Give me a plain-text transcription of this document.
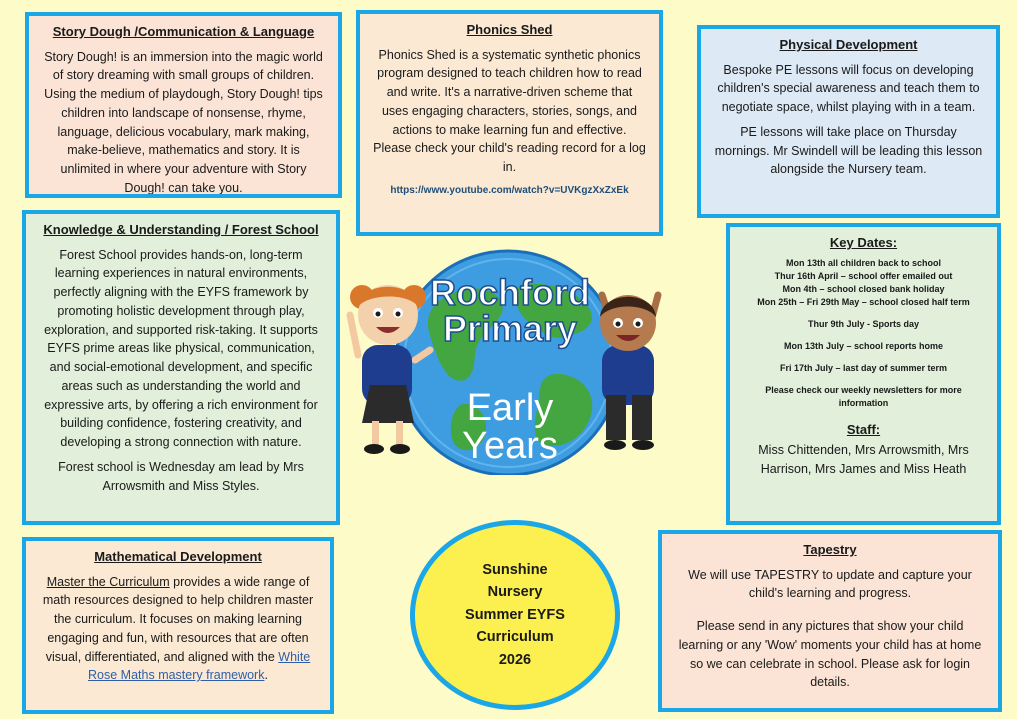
Story Dough /Communication & Language

Story Dough! is an immersion into the magic world of story dreaming with small groups of children. Using the medium of playdough, Story Dough! tips children into landscape of nonsense, rhyme, language, delicious vocabulary, mark making, make-believe, mathematics and story. It is unlimited in where your adventure with Story Dough! can take you.

Phonics Shed

Phonics Shed is a systematic synthetic phonics program designed to teach children how to read and write. It's a narrative-driven scheme that uses engaging characters, stories, songs, and actions to make learning fun and effective.

Please check your child's reading record for a log in.

https://www.youtube.com/watch?v=UVKgzXxZxEk
Physical Development

Bespoke PE lessons will focus on developing children's special awareness and teach them to negotiate space, whilst playing with in a team.

PE lessons will take place on Thursday mornings. Mr Swindell will be leading this lesson alongside the Nursery team.

Knowledge & Understanding / Forest School

Forest School provides hands-on, long-term learning experiences in natural environments, perfectly aligning with the EYFS framework by promoting holistic development through play, exploration, and supported risk-taking. It supports EYFS prime areas like physical, communication, and social-emotional development, and specific areas such as understanding the world and expressive arts, by offering a rich environment for building confidence, fostering creativity, and developing a strong connection with nature.

Forest school is Wednesday am lead by Mrs Arrowsmith and Miss Styles.

Key Dates:

Mon 13th all children back to school

Thur 16th April – school offer emailed out

Mon 4th – school closed bank holiday

Mon 25th – Fri 29th May – school closed half term

Thur 9th July - Sports day

Mon 13th July – school reports home

Fri 17th July – last day of summer term

Please check our weekly newsletters for more information

Staff:

Miss Chittenden, Mrs Arrowsmith, Mrs Harrison, Mrs James and Miss Heath

Mathematical Development

Master the Curriculum provides a wide range of math resources designed to help children master the curriculum. It focuses on making learning engaging and fun, with resources that are often visual, differentiated, and aligned with the White Rose Maths mastery framework.

Tapestry

We will use TAPESTRY to update and capture your child's learning and progress.

Please send in any pictures that show your child learning or any 'Wow' moments your child has at home so we can celebrate in school. Please ask for login details.

Sunshine
Nursery
Summer EYFS
Curriculum
2026
Rochford
Primary
Early
Years
